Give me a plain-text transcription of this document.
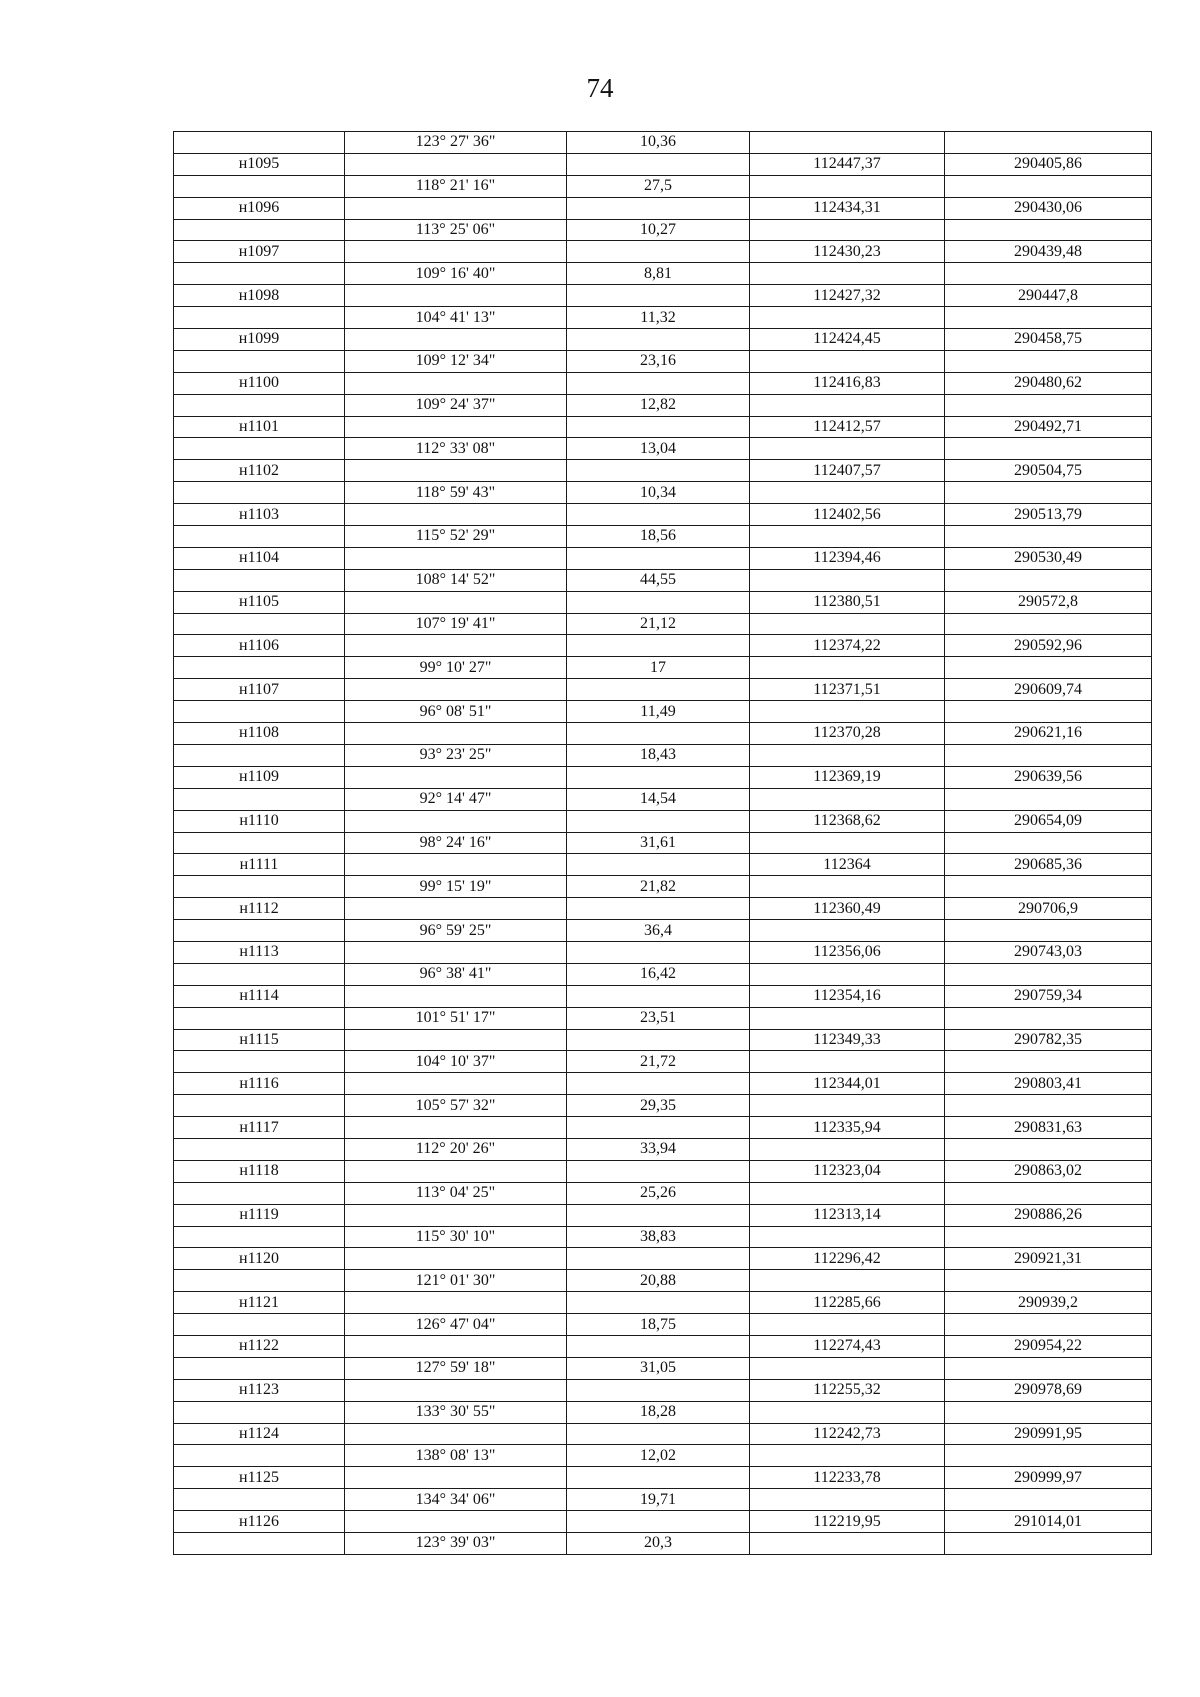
74
	123° 27' 36"	10,36		
н1095			112447,37	290405,86
	118° 21' 16"	27,5		
н1096			112434,31	290430,06
	113° 25' 06"	10,27		
н1097			112430,23	290439,48
	109° 16' 40"	8,81		
н1098			112427,32	290447,8
	104° 41' 13"	11,32		
н1099			112424,45	290458,75
	109° 12' 34"	23,16		
н1100			112416,83	290480,62
	109° 24' 37"	12,82		
н1101			112412,57	290492,71
	112° 33' 08"	13,04		
н1102			112407,57	290504,75
	118° 59' 43"	10,34		
н1103			112402,56	290513,79
	115° 52' 29"	18,56		
н1104			112394,46	290530,49
	108° 14' 52"	44,55		
н1105			112380,51	290572,8
	107° 19' 41"	21,12		
н1106			112374,22	290592,96
	99° 10' 27"	17		
н1107			112371,51	290609,74
	96° 08' 51"	11,49		
н1108			112370,28	290621,16
	93° 23' 25"	18,43		
н1109			112369,19	290639,56
	92° 14' 47"	14,54		
н1110			112368,62	290654,09
	98° 24' 16"	31,61		
н1111			112364	290685,36
	99° 15' 19"	21,82		
н1112			112360,49	290706,9
	96° 59' 25"	36,4		
н1113			112356,06	290743,03
	96° 38' 41"	16,42		
н1114			112354,16	290759,34
	101° 51' 17"	23,51		
н1115			112349,33	290782,35
	104° 10' 37"	21,72		
н1116			112344,01	290803,41
	105° 57' 32"	29,35		
н1117			112335,94	290831,63
	112° 20' 26"	33,94		
н1118			112323,04	290863,02
	113° 04' 25"	25,26		
н1119			112313,14	290886,26
	115° 30' 10"	38,83		
н1120			112296,42	290921,31
	121° 01' 30"	20,88		
н1121			112285,66	290939,2
	126° 47' 04"	18,75		
н1122			112274,43	290954,22
	127° 59' 18"	31,05		
н1123			112255,32	290978,69
	133° 30' 55"	18,28		
н1124			112242,73	290991,95
	138° 08' 13"	12,02		
н1125			112233,78	290999,97
	134° 34' 06"	19,71		
н1126			112219,95	291014,01
	123° 39' 03"	20,3		
